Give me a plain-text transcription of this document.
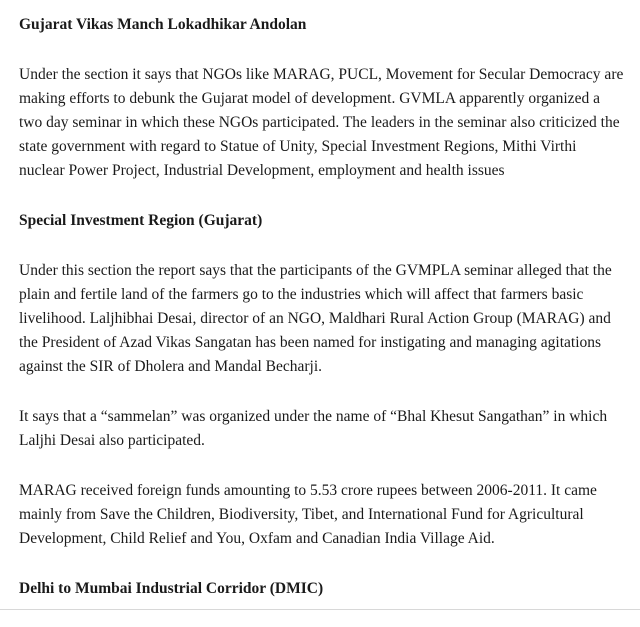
Gujarat Vikas Manch Lokadhikar Andolan

Under the section it says that NGOs like MARAG, PUCL, Movement for Secular Democracy are making efforts to debunk the Gujarat model of development. GVMLA apparently organized a two day seminar in which these NGOs participated. The leaders in the seminar also criticized the state government with regard to Statue of Unity, Special Investment Regions, Mithi Virthi nuclear Power Project, Industrial Development, employment and health issues

Special Investment Region (Gujarat)

Under this section the report says that the participants of the GVMPLA seminar alleged that the plain and fertile land of the farmers go to the industries which will affect that farmers basic livelihood. Laljhibhai Desai, director of an NGO, Maldhari Rural Action Group (MARAG) and the President of Azad Vikas Sangatan has been named for instigating and managing agitations against the SIR of Dholera and Mandal Becharji.

It says that a “sammelan” was organized under the name of “Bhal Khesut Sangathan” in which Laljhi Desai also participated.

MARAG received foreign funds amounting to 5.53 crore rupees between 2006-2011. It came mainly from Save the Children, Biodiversity, Tibet, and International Fund for Agricultural Development, Child Relief and You, Oxfam and Canadian India Village Aid.

Delhi to Mumbai Industrial Corridor (DMIC)
